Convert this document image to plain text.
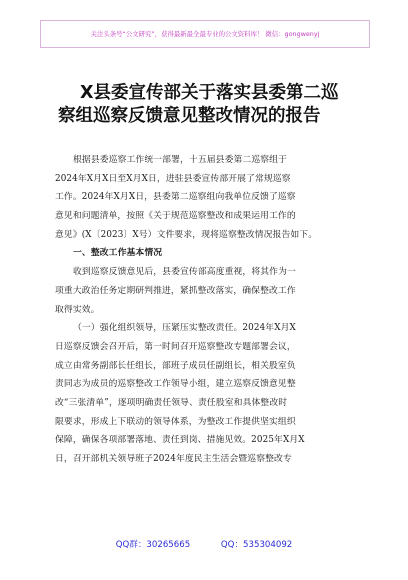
关注头条号“公文研究”，获得最新最全最专业的公文资料库！ 微信：gongwenyj
X县委宣传部关于落实县委第二巡
察组巡察反馈意见整改情况的报告
根据县委巡察工作统一部署，十五届县委第二巡察组于
2024年X月X日至X月X日，进驻县委宣传部开展了常规巡察
工作。2024年X月X日，县委第二巡察组向我单位反馈了巡察
意见和问题清单，按照《关于规范巡察整改和成果运用工作的
意见》(X〔2023〕X号）文件要求，现将巡察整改情况报告如下。
一、整改工作基本情况
收到巡察反馈意见后，县委宣传部高度重视，将其作为一
项重大政治任务定期研判推进，紧抓整改落实，确保整改工作
取得实效。
（一）强化组织领导，压紧压实整改责任。2024年X月X
日巡察反馈会召开后，第一时间召开巡察整改专题部署会议，
成立由常务副部长任组长，部班子成员任副组长，相关股室负
责同志为成员的巡察整改工作领导小组，建立巡察反馈意见整
改“三张清单”，逐项明确责任领导、责任股室和具体整改时
限要求，形成上下联动的领导体系，为整改工作提供坚实组织
保障，确保各项部署落地、责任到岗、措施见效。2025年X月X
日，召开部机关领导班子2024年度民主生活会暨巡察整改专
QQ群：30265665	QQ：535304092
